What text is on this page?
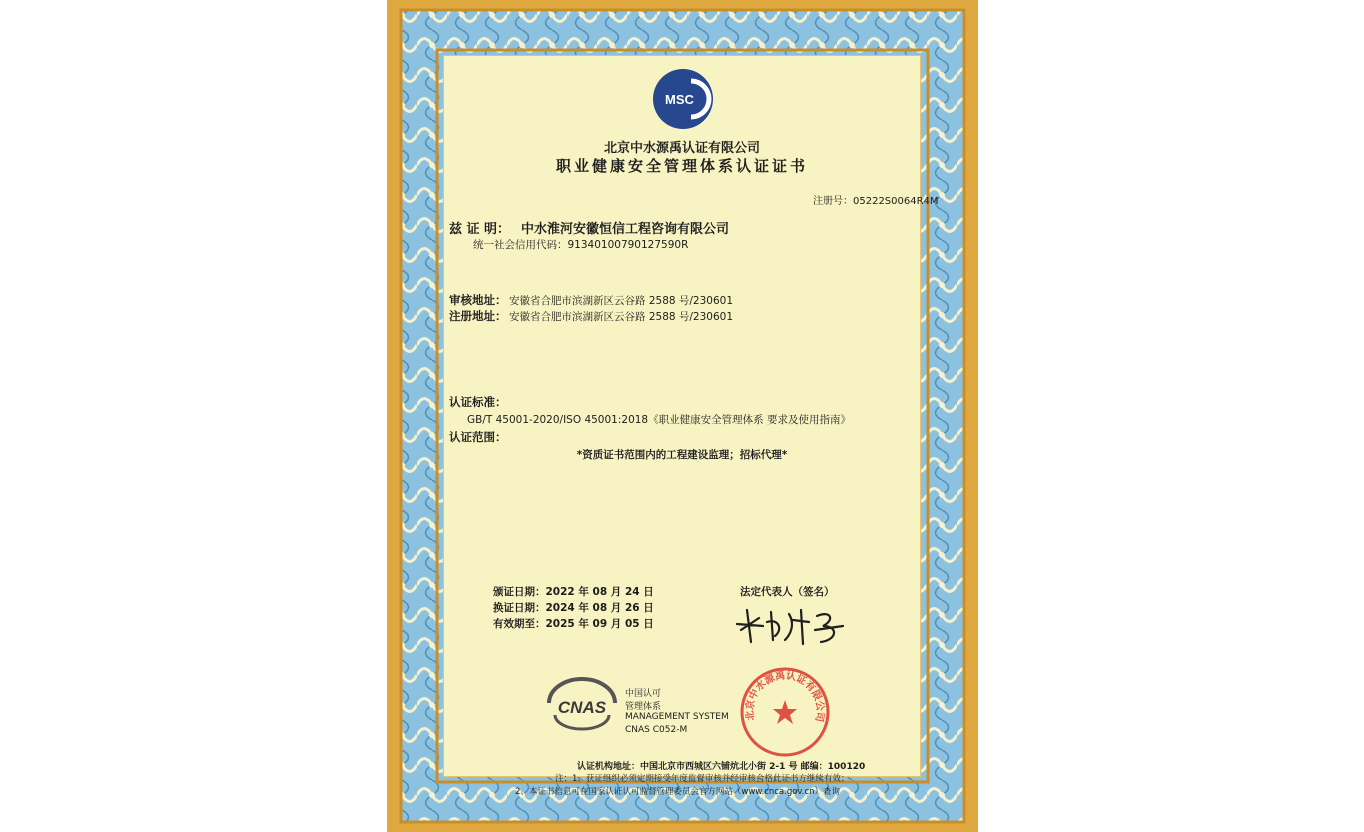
MSC
北京中水源禹认证有限公司
职业健康安全管理体系认证证书
注册号：05222S0064R4M
兹 证 明： 中水淮河安徽恒信工程咨询有限公司
统一社会信用代码：91340100790127590R
审核地址： 安徽省合肥市滨湖新区云谷路 2588 号/230601
注册地址： 安徽省合肥市滨湖新区云谷路 2588 号/230601
认证标准：
GB/T 45001-2020/ISO 45001:2018《职业健康安全管理体系 要求及使用指南》
认证范围：
*资质证书范围内的工程建设监理；招标代理*
颁证日期：2022 年 08 月 24 日
换证日期：2024 年 08 月 26 日
有效期至：2025 年 09 月 05 日
法定代表人（签名）
CNAS
中国认可
管理体系
MANAGEMENT SYSTEM
CNAS C052-M
北京中水源禹认证有限公司
认证机构地址：中国北京市西城区六铺炕北小街 2-1 号 邮编：100120
注：1、获证组织必须定期接受年度监督审核并经审核合格此证书方继续有效；
2、本证书信息可在国家认证认可监督管理委员会官方网站（www.cnca.gov.cn）查询
